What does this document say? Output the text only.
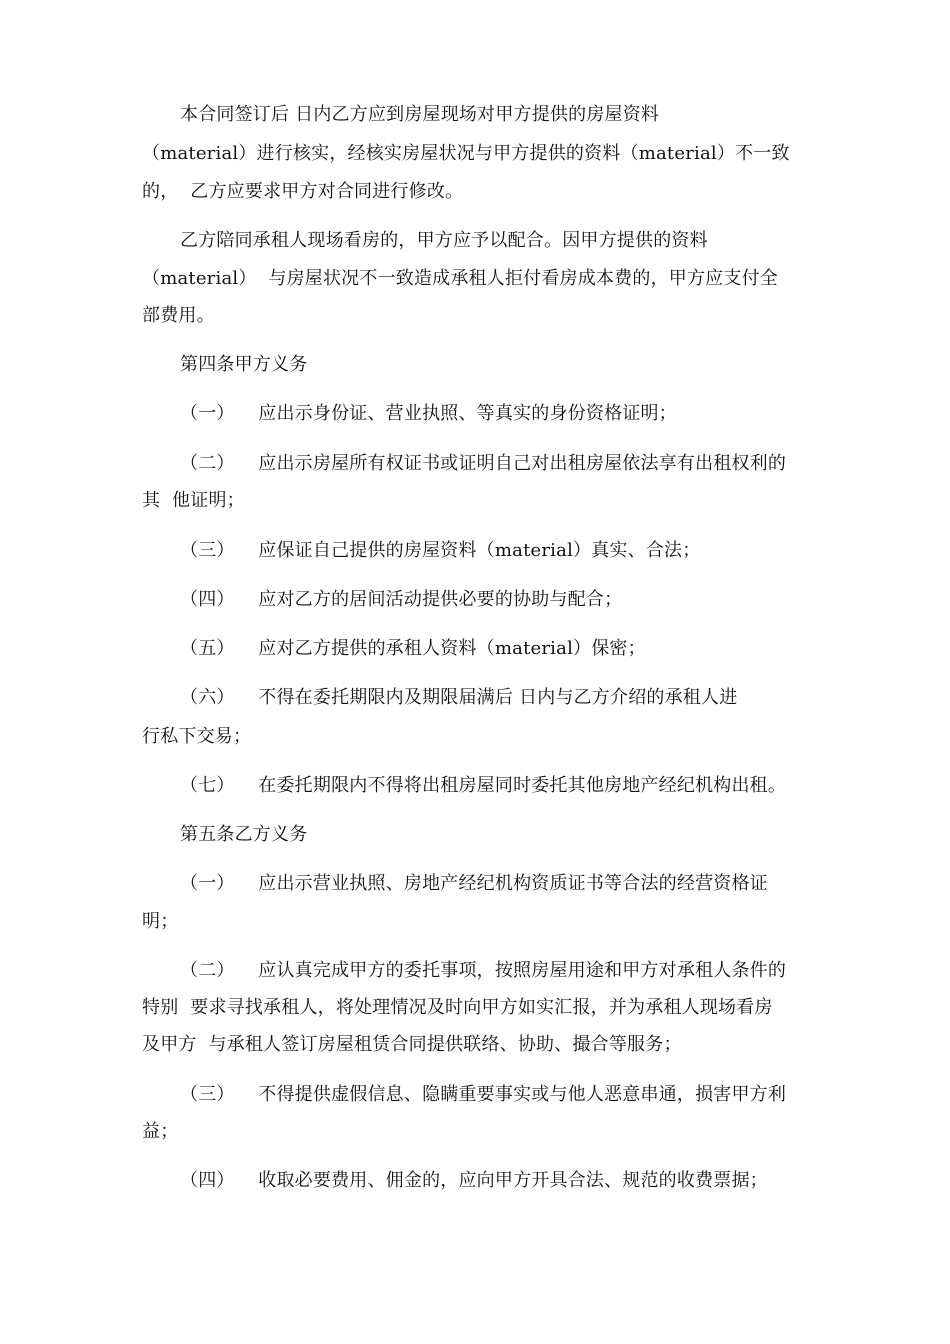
本合同签订后 日内乙方应到房屋现场对甲方提供的房屋资料
（material）进行核实，经核实房屋状况与甲方提供的资料（material）不一致
的，  乙方应要求甲方对合同进行修改。
乙方陪同承租人现场看房的，甲方应予以配合。因甲方提供的资料
（material）  与房屋状况不一致造成承租人拒付看房成本费的，甲方应支付全
部费用。
第四条甲方义务
（一）    应出示身份证、营业执照、等真实的身份资格证明；
（二）    应出示房屋所有权证书或证明自己对出租房屋依法享有出租权利的
其  他证明；
（三）    应保证自己提供的房屋资料（material）真实、合法；
（四）    应对乙方的居间活动提供必要的协助与配合；
（五）    应对乙方提供的承租人资料（material）保密；
（六）    不得在委托期限内及期限届满后 日内与乙方介绍的承租人进
行私下交易；
（七）    在委托期限内不得将出租房屋同时委托其他房地产经纪机构出租。
第五条乙方义务
（一）    应出示营业执照、房地产经纪机构资质证书等合法的经营资格证
明；
（二）    应认真完成甲方的委托事项，按照房屋用途和甲方对承租人条件的
特别  要求寻找承租人，将处理情况及时向甲方如实汇报，并为承租人现场看房
及甲方  与承租人签订房屋租赁合同提供联络、协助、撮合等服务；
（三）    不得提供虚假信息、隐瞒重要事实或与他人恶意串通，损害甲方利
益；
（四）    收取必要费用、佣金的，应向甲方开具合法、规范的收费票据；
